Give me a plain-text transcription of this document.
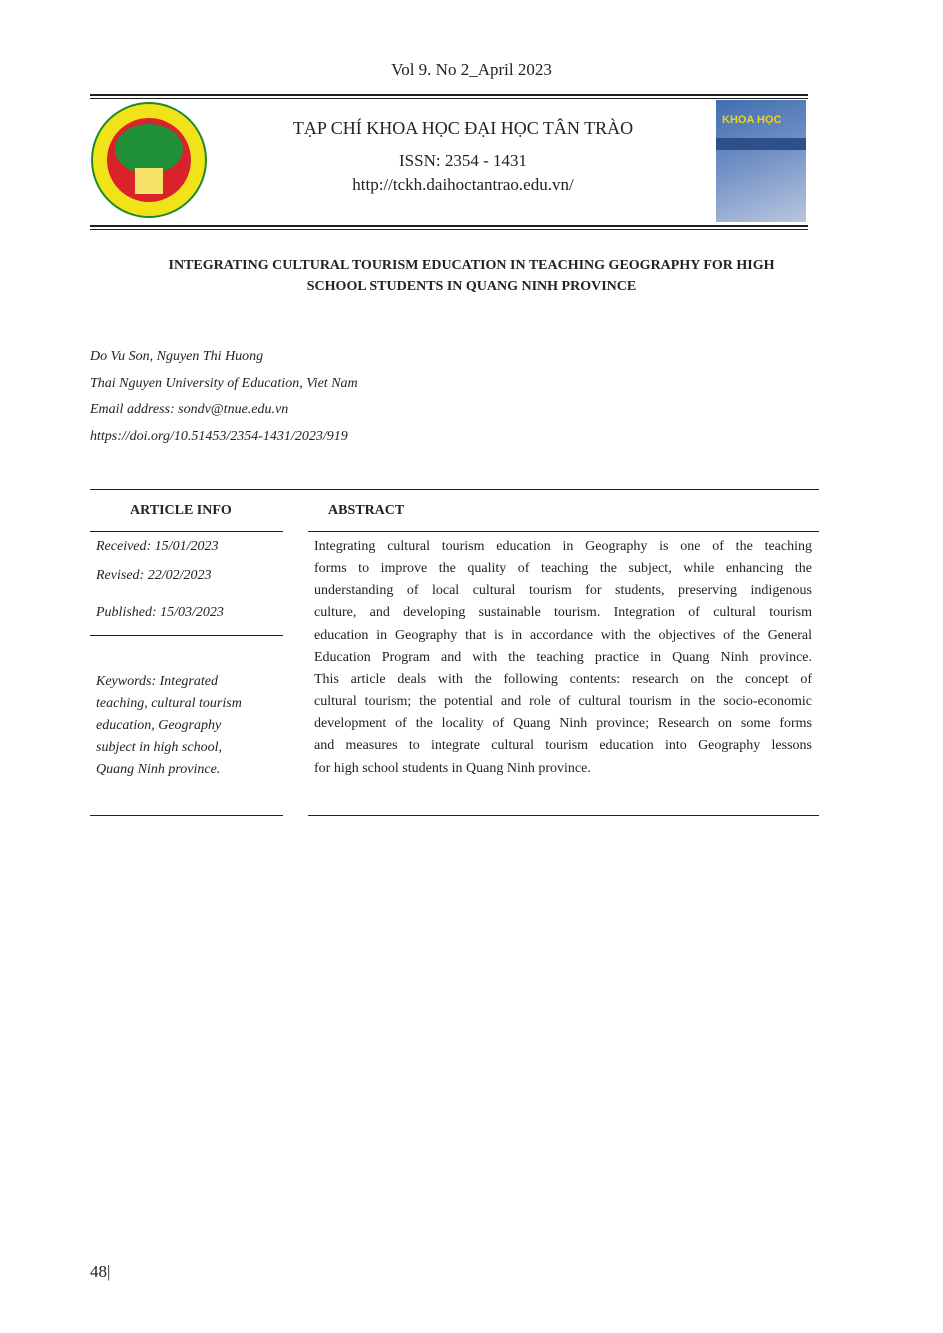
Vol 9. No 2_April 2023
TẠP CHÍ KHOA HỌC ĐẠI HỌC TÂN TRÀO
ISSN: 2354 - 1431
http://tckh.daihoctantrao.edu.vn/
KHOA HỌC
INTEGRATING CULTURAL TOURISM EDUCATION IN TEACHING GEOGRAPHY FOR HIGH
SCHOOL STUDENTS IN QUANG NINH PROVINCE
Do Vu Son, Nguyen Thi Huong
Thai Nguyen University of Education, Viet Nam
Email address: sondv@tnue.edu.vn
https://doi.org/10.51453/2354-1431/2023/919
ARTICLE INFO	ABSTRACT
Received: 15/01/2023
Revised: 22/02/2023
Published: 15/03/2023
Keywords: Integrated
teaching, cultural tourism
education, Geography
subject in high school,
Quang Ninh province.
Integrating cultural tourism education in Geography is one of the teaching
forms to improve the quality of teaching the subject, while enhancing the
understanding of local cultural tourism for students, preserving indigenous
culture, and developing sustainable tourism. Integration of cultural tourism
education in Geography that is in accordance with the objectives of the General
Education Program and with the teaching practice in Quang Ninh province.
This article deals with the following contents: research on the concept of
cultural tourism; the potential and role of cultural tourism in the socio-economic
development of the locality of Quang Ninh province; Research on some forms
and measures to integrate cultural tourism education into Geography lessons
for high school students in Quang Ninh province.
48|
